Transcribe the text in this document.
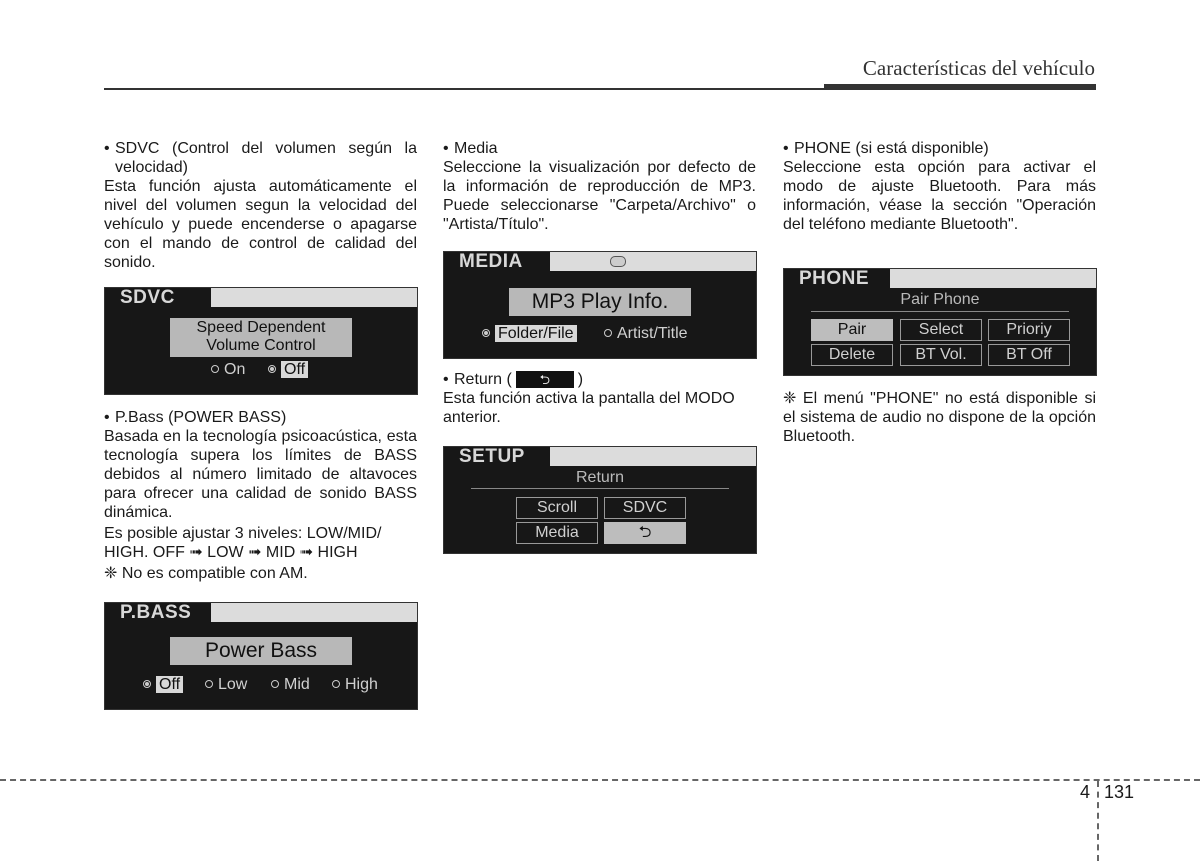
Características del vehículo
• SDVC (Control del volumen según la velocidad)

Esta función ajusta automáticamente el nivel del volumen segun la velocidad del vehículo y puede encenderse o apagarse con el mando de control de calidad del sonido.

SDVC
Speed Dependent
Volume Control
On	Off
• P.Bass (POWER BASS)

Basada en la tecnología psicoacústica, esta tecnología supera los límites de BASS debidos al número limitado de altavoces para ofrecer una calidad de sonido BASS dinámica.

Es posible ajustar 3 niveles: LOW/MID/ HIGH. OFF ➟ LOW ➟ MID ➟ HIGH

❈ No es compatible con AM.

P.BASS
Power Bass
Off	Low	Mid	High
• Media

Seleccione la visualización por defecto de la información de reproducción de MP3. Puede seleccionarse "Carpeta/Archivo" o "Artista/Título".

MEDIA
MP3 Play Info.
Folder/File	Artist/Title
• Return ( ⮌ )

Esta función activa la pantalla del MODO anterior.

SETUP
Return
Scroll	SDVC
Media	⮌
• PHONE (si está disponible)

Seleccione esta opción para activar el modo de ajuste Bluetooth. Para más información, véase la sección "Operación del teléfono mediante Bluetooth".

PHONE
Pair Phone
Pair	Select	Prioriy
Delete	BT Vol.	BT Off

❈ El menú "PHONE" no está disponible si el sistema de audio no dispone de la opción Bluetooth.

4 131
